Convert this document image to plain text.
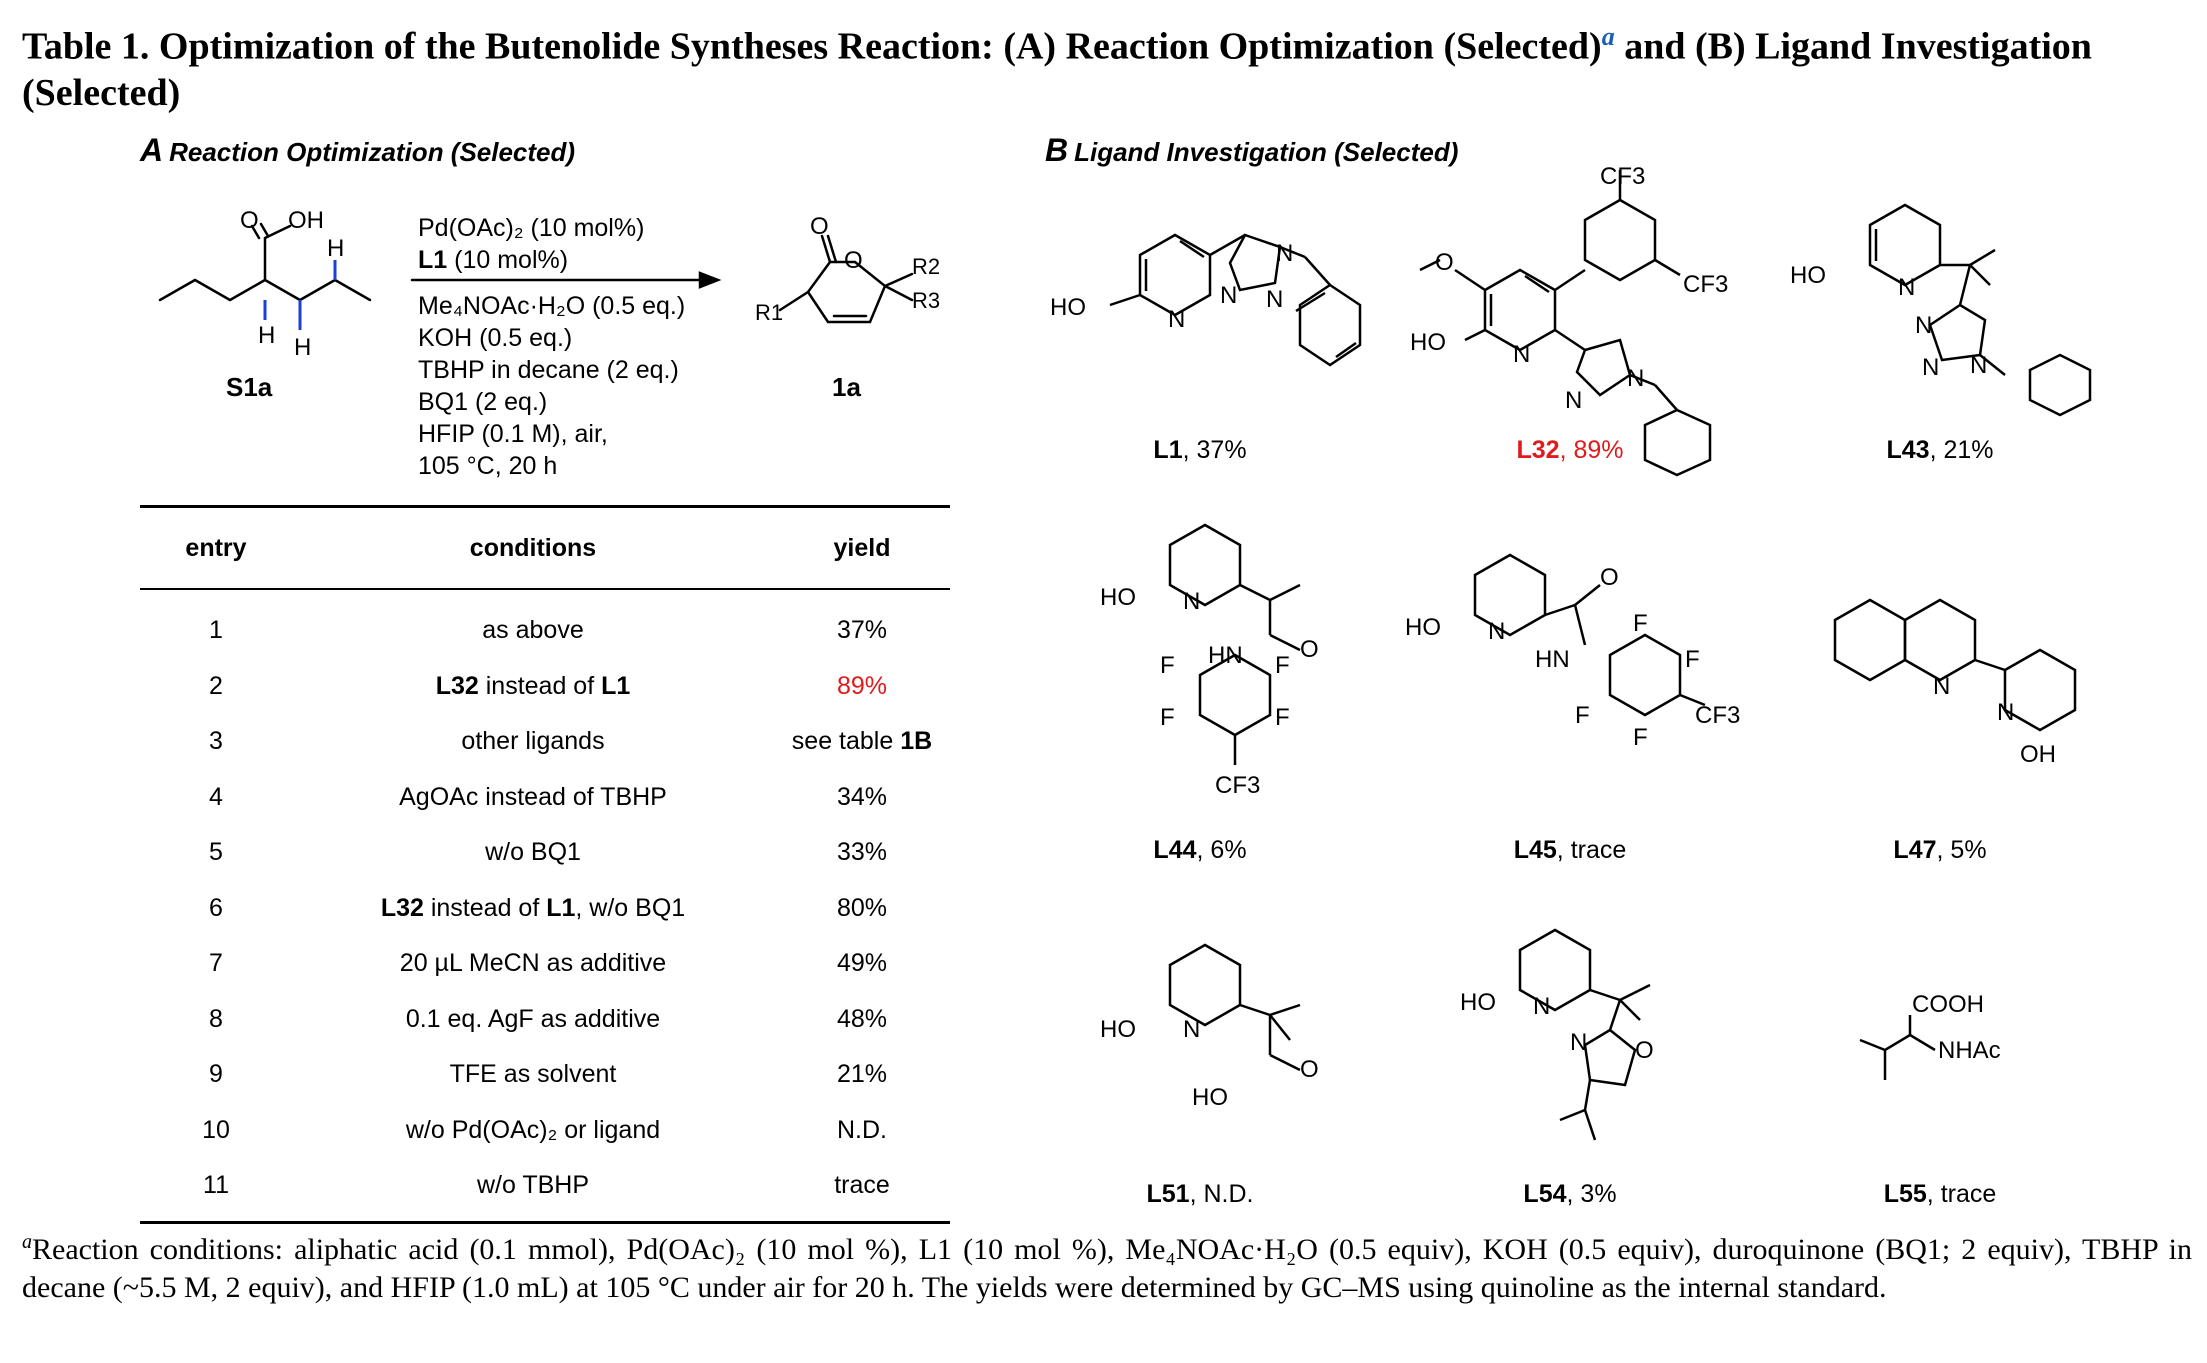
Table 1. Optimization of the Butenolide Syntheses Reaction: (A) Reaction Optimization (Selected)$^a$ and (B) Ligand Investigation (Selected)
A Reaction Optimization (Selected)	B Ligand Investigation (Selected)
O OH
H H
H
O
O
R1
R2
R3
S1a	1a
Pd(OAc)₂ (10 mol%)
L1 (10 mol%)
Me₄NOAc·H₂O (0.5 eq.)
KOH (0.5 eq.)
TBHP in decane (2 eq.)
BQ1 (2 eq.)
HFIP (0.1 M), air,
105 °C, 20 h
entry	conditions	yield
1	as above	37%
2	L32 instead of L1	89%
3	other ligands	see table 1B
4	AgOAc instead of TBHP	34%
5	w/o BQ1	33%
6	L32 instead of L1, w/o BQ1	80%
7	20 µL MeCN as additive	49%
8	0.1 eq. AgF as additive	48%
9	TFE as solvent	21%
10	w/o Pd(OAc)₂ or ligand	N.D.
11	w/o TBHP	trace
HO	N
N N
N
L1, 37%
CF3
CF3
O
HO	N
N
N
L32, 89%
HO	N
N
N N
L43, 21%
HO N
HN O
F	F
F	F
CF3
L44, 6%
HO N
O
HN
F
F
F
F
CF3
L45, trace
N
N
OH
L47, 5%
HO N
HO
O
L51, N.D.
HO N
N O
L54, 3%
COOH
NHAc
L55, trace
$^a$Reaction conditions: aliphatic acid (0.1 mmol), Pd(OAc)₂ (10 mol %), L1 (10 mol %), Me₄NOAc·H₂O (0.5 equiv), KOH (0.5 equiv), duroquinone (BQ1; 2 equiv), TBHP in decane (~5.5 M, 2 equiv), and HFIP (1.0 mL) at 105 °C under air for 20 h. The yields were determined by GC–MS using quinoline as the internal standard.
